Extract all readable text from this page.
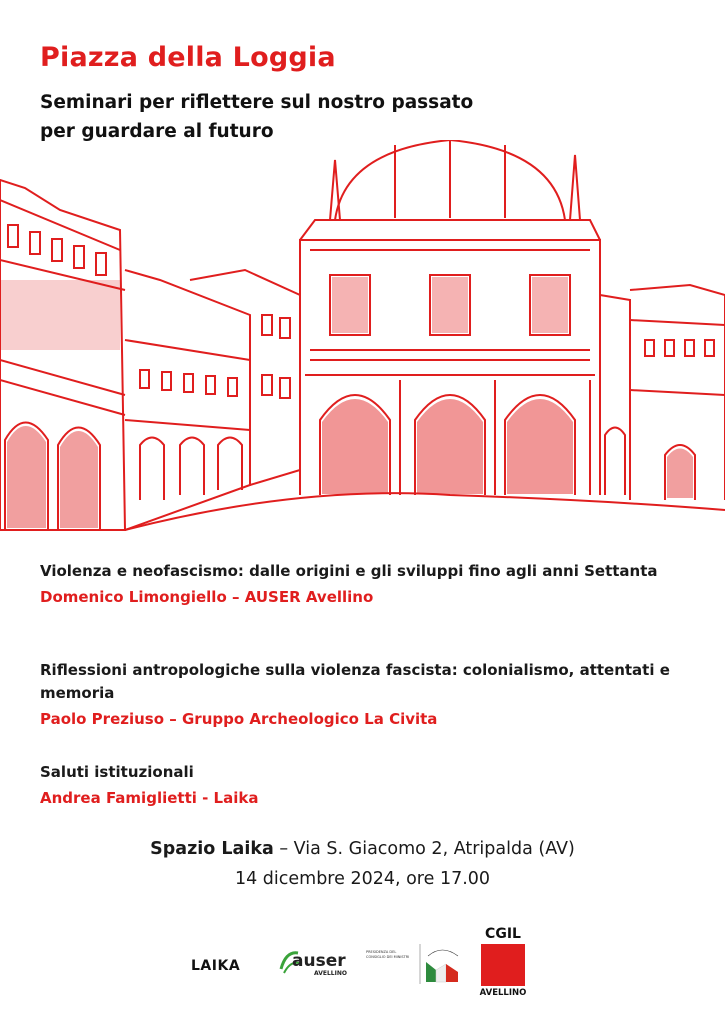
Piazza della Loggia
Seminari per riflettere sul nostro passato
per guardare al futuro
Violenza e neofascismo: dalle origini e gli sviluppi fino agli anni Settanta
Domenico Limongiello – AUSER Avellino
Riflessioni antropologiche sulla violenza fascista: colonialismo, attentati e memoria
Paolo Preziuso – Gruppo Archeologico La Civita
Saluti istituzionali
Andrea Famiglietti - Laika
Spazio Laika – Via S. Giacomo 2, Atripalda (AV)
14 dicembre 2024, ore 17.00
LAIKA	auser
AVELLINO
PRESIDENZA DEL CONSIGLIO DEI MINISTRI
CGIL
AVELLINO
